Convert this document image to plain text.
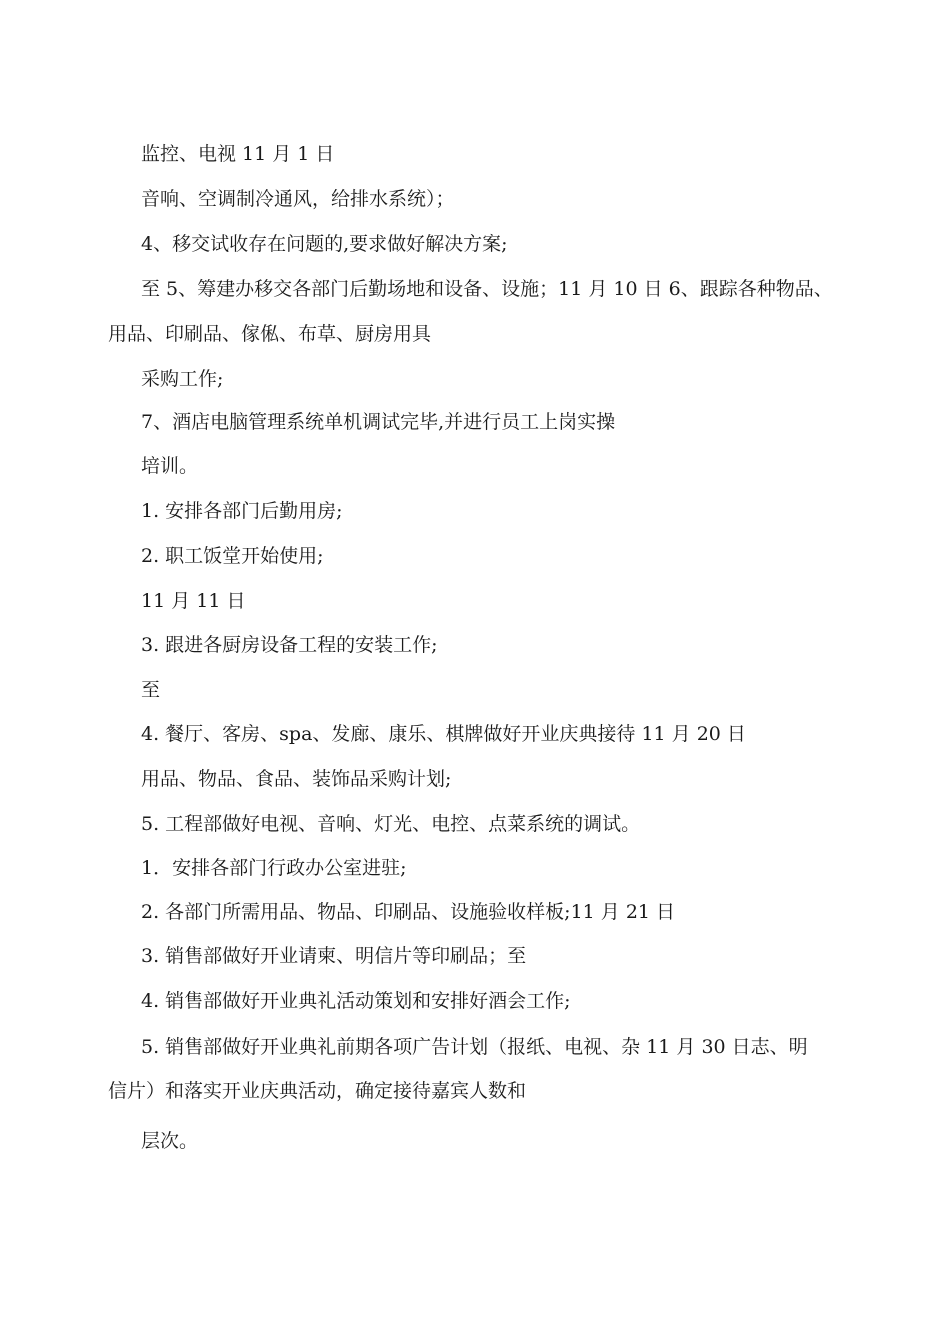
监控、电视 11 月 1 日
音响、空调制冷通风，给排水系统）；
4、移交试收存在问题的,要求做好解决方案;
至 5、筹建办移交各部门后勤场地和设备、设施；11 月 10 日 6、跟踪各种物品、
用品、印刷品、傢俬、布草、厨房用具
采购工作;
7、酒店电脑管理系统单机调试完毕,并进行员工上岗实操
培训。
1. 安排各部门后勤用房;
2. 职工饭堂开始使用;
11 月 11 日
3. 跟进各厨房设备工程的安装工作;
至
4. 餐厅、客房、spa、发廊、康乐、棋牌做好开业庆典接待 11 月 20 日
用品、物品、食品、装饰品采购计划;
5. 工程部做好电视、音响、灯光、电控、点菜系统的调试。
1．安排各部门行政办公室进驻;
2. 各部门所需用品、物品、印刷品、设施验收样板;11 月 21 日
3. 销售部做好开业请柬、明信片等印刷品；至
4. 销售部做好开业典礼活动策划和安排好酒会工作;
5. 销售部做好开业典礼前期各项广告计划（报纸、电视、杂 11 月 30 日志、明
信片）和落实开业庆典活动，确定接待嘉宾人数和
层次。
